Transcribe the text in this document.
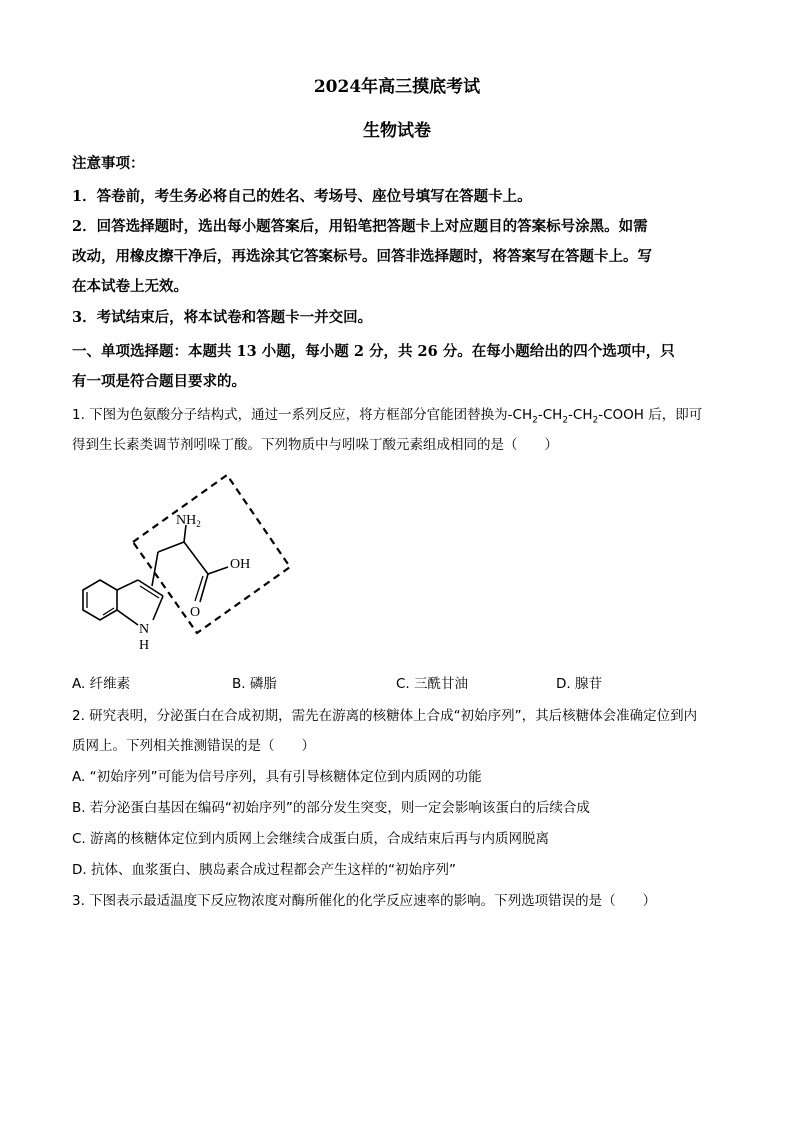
2024年高三摸底考试
生物试卷
注意事项：
1．答卷前，考生务必将自己的姓名、考场号、座位号填写在答题卡上。
2．回答选择题时，选出每小题答案后，用铅笔把答题卡上对应题目的答案标号涂黑。如需
改动，用橡皮擦干净后，再选涂其它答案标号。回答非选择题时，将答案写在答题卡上。写
在本试卷上无效。
3．考试结束后，将本试卷和答题卡一并交回。
一、单项选择题：本题共 13 小题，每小题 2 分，共 26 分。在每小题给出的四个选项中，只
有一项是符合题目要求的。
1. 下图为色氨酸分子结构式，通过一系列反应，将方框部分官能团替换为$-CH_2-CH_2-CH_2$-COOH 后，即可
得到生长素类调节剂吲哚丁酸。下列物质中与吲哚丁酸元素组成相同的是（　　）
$NH_2$
OH
O
N
H
A. 纤维素	B. 磷脂	C. 三酰甘油	D. 腺苷
2. 研究表明，分泌蛋白在合成初期，需先在游离的核糖体上合成“初始序列”，其后核糖体会准确定位到内
质网上。下列相关推测错误的是（　　）
A. “初始序列”可能为信号序列，具有引导核糖体定位到内质网的功能
B. 若分泌蛋白基因在编码“初始序列”的部分发生突变，则一定会影响该蛋白的后续合成
C. 游离的核糖体定位到内质网上会继续合成蛋白质，合成结束后再与内质网脱离
D. 抗体、血浆蛋白、胰岛素合成过程都会产生这样的“初始序列”
3. 下图表示最适温度下反应物浓度对酶所催化的化学反应速率的影响。下列选项错误的是（　　）
